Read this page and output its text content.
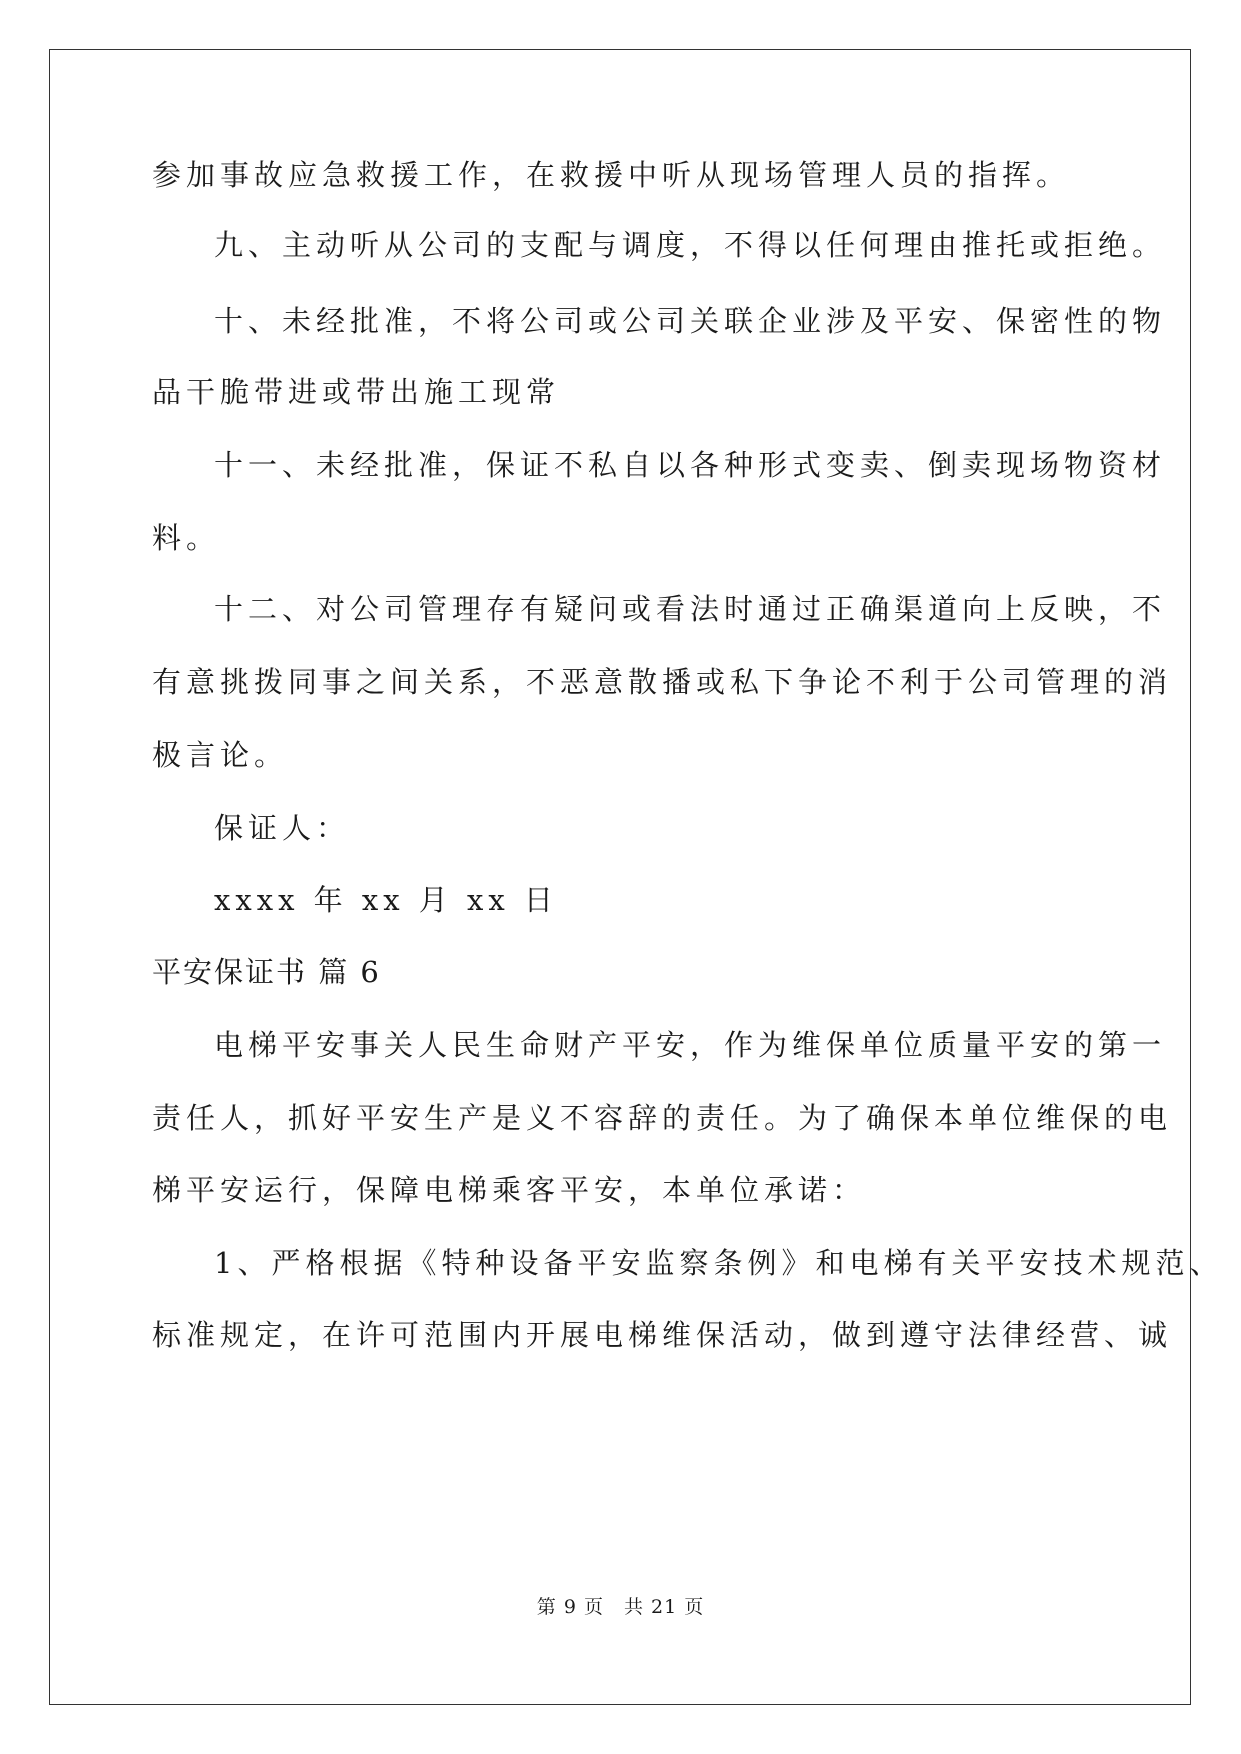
参加事故应急救援工作，在救援中听从现场管理人员的指挥。

九、主动听从公司的支配与调度，不得以任何理由推托或拒绝。

十、未经批准，不将公司或公司关联企业涉及平安、保密性的物

品干脆带进或带出施工现常

十一、未经批准，保证不私自以各种形式变卖、倒卖现场物资材

料。

十二、对公司管理存有疑问或看法时通过正确渠道向上反映，不

有意挑拨同事之间关系，不恶意散播或私下争论不利于公司管理的消

极言论。

保证人：

xxxx 年 xx 月 xx 日

平安保证书 篇 6

电梯平安事关人民生命财产平安，作为维保单位质量平安的第一

责任人，抓好平安生产是义不容辞的责任。为了确保本单位维保的电

梯平安运行，保障电梯乘客平安，本单位承诺：

1、严格根据《特种设备平安监察条例》和电梯有关平安技术规范、

标准规定，在许可范围内开展电梯维保活动，做到遵守法律经营、诚

第 9 页 共 21 页
